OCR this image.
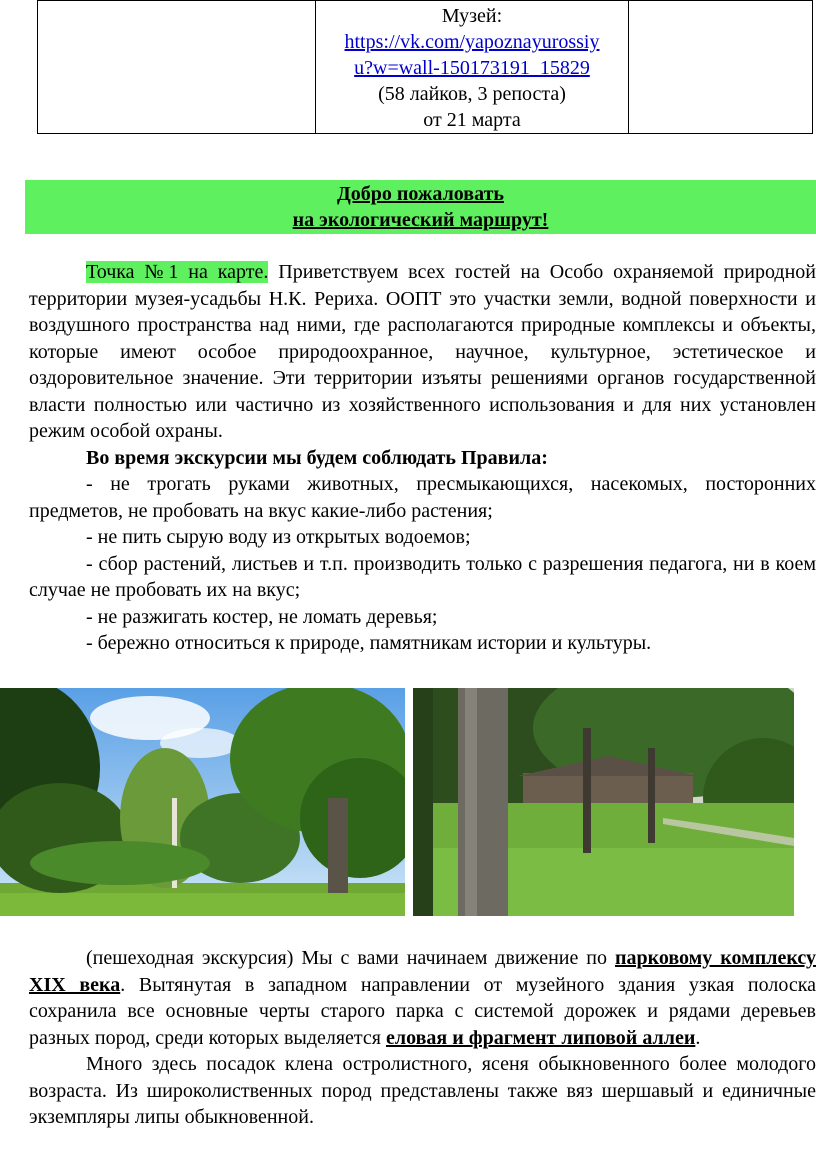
Музей:
https://vk.com/yapoznayurossiy
u?w=wall-150173191_15829
(58 лайков, 3 репоста)
от 21 марта

Добро пожаловать
на экологический маршрут!

Точка №1 на карте. Приветствуем всех гостей на Особо охраняемой природной территории музея-усадьбы Н.К. Рериха. ООПТ это участки земли, водной поверхности и воздушного пространства над ними, где располагаются природные комплексы и объекты, которые имеют особое природоохранное, научное, культурное, эстетическое и оздоровительное значение. Эти территории изъяты решениями органов государственной власти полностью или частично из хозяйственного использования и для них установлен режим особой охраны.

Во время экскурсии мы будем соблюдать Правила:

- не трогать руками животных, пресмыкающихся, насекомых, посторонних предметов, не пробовать на вкус какие-либо растения;

- не пить сырую воду из открытых водоемов;

- сбор растений, листьев и т.п. производить только с разрешения педагога, ни в коем случае не пробовать их на вкус;

- не разжигать костер, не ломать деревья;

- бережно относиться к природе, памятникам истории и культуры.

(пешеходная экскурсия) Мы с вами начинаем движение по парковому комплексу XIX века. Вытянутая в западном направлении от музейного здания узкая полоска сохранила все основные черты старого парка с системой дорожек и рядами деревьев разных пород, среди которых выделяется еловая и фрагмент липовой аллеи.

Много здесь посадок клена остролистного, ясеня обыкновенного более молодого возраста. Из широколиственных пород представлены также вяз шершавый и единичные экземпляры липы обыкновенной.
